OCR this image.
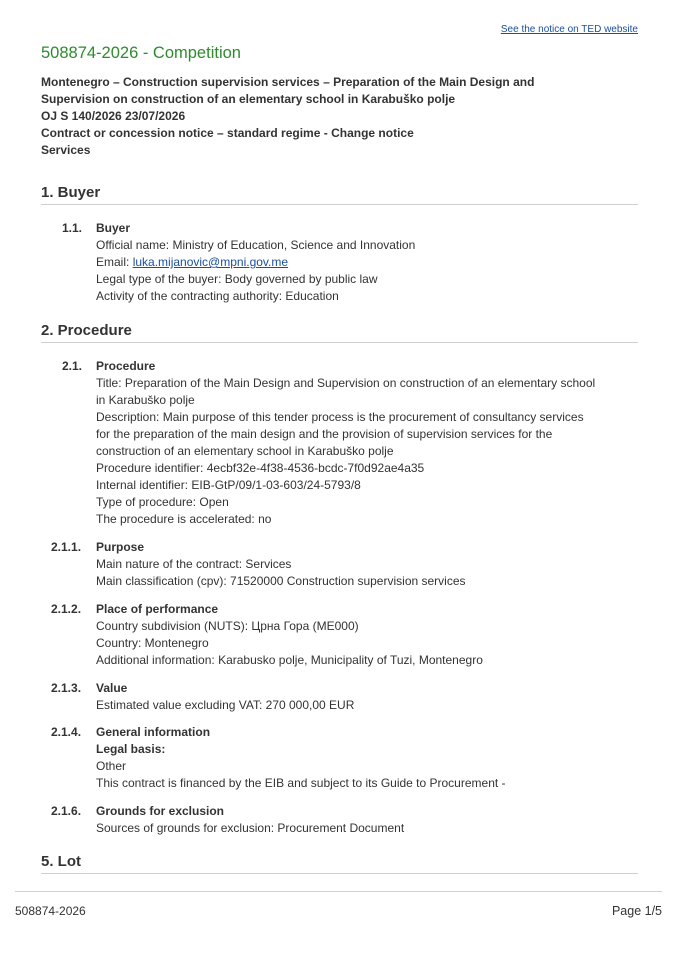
See the notice on TED website
508874-2026 - Competition
Montenegro – Construction supervision services – Preparation of the Main Design and
Supervision on construction of an elementary school in Karabuško polje
OJ S 140/2026 23/07/2026
Contract or concession notice – standard regime - Change notice
Services
1. Buyer
1.1. Buyer
Official name: Ministry of Education, Science and Innovation
Email: luka.mijanovic@mpni.gov.me
Legal type of the buyer: Body governed by public law
Activity of the contracting authority: Education
2. Procedure
2.1. Procedure
Title: Preparation of the Main Design and Supervision on construction of an elementary school
in Karabuško polje
Description: Main purpose of this tender process is the procurement of consultancy services
for the preparation of the main design and the provision of supervision services for the
construction of an elementary school in Karabuško polje
Procedure identifier: 4ecbf32e-4f38-4536-bcdc-7f0d92ae4a35
Internal identifier: EIB-GtP/09/1-03-603/24-5793/8
Type of procedure: Open
The procedure is accelerated: no
2.1.1. Purpose
Main nature of the contract: Services
Main classification (cpv): 71520000 Construction supervision services
2.1.2. Place of performance
Country subdivision (NUTS): Црна Гора (ME000)
Country: Montenegro
Additional information: Karabusko polje, Municipality of Tuzi, Montenegro
2.1.3. Value
Estimated value excluding VAT: 270 000,00 EUR
2.1.4. General information
Legal basis:
Other
This contract is financed by the EIB and subject to its Guide to Procurement -
2.1.6. Grounds for exclusion
Sources of grounds for exclusion: Procurement Document
5. Lot
508874-2026	Page 1/5
